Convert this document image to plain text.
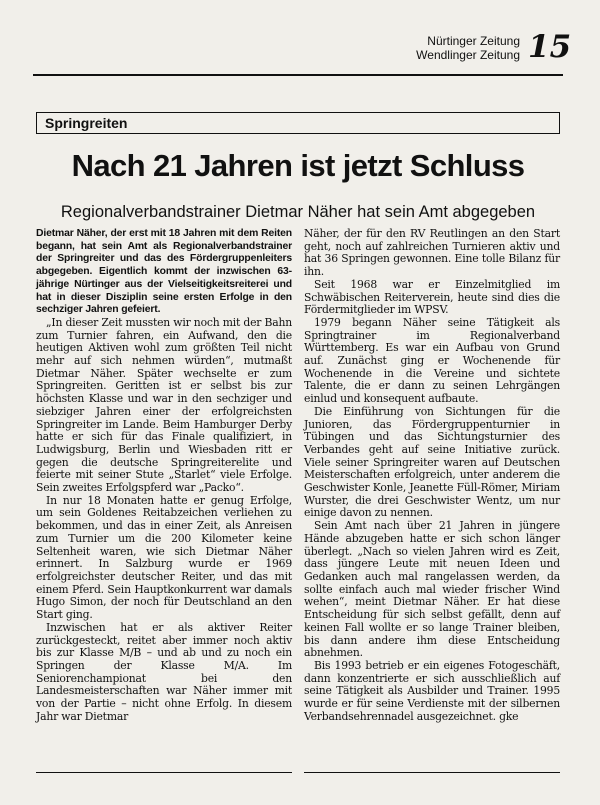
Nürtinger Zeitung
Wendlinger Zeitung 15
Springreiten
Nach 21 Jahren ist jetzt Schluss
Regionalverbandstrainer Dietmar Näher hat sein Amt abgegeben

Dietmar Näher, der erst mit 18 Jahren mit dem Reiten begann, hat sein Amt als Regionalverbandstrainer der Springreiter und das des Fördergruppenleiters abgegeben. Eigentlich kommt der inzwischen 63-jährige Nürtinger aus der Vielseitigkeitsreiterei und hat in dieser Disziplin seine ersten Erfolge in den sechziger Jahren gefeiert.

„In dieser Zeit mussten wir noch mit der Bahn zum Turnier fahren, ein Aufwand, den die heutigen Aktiven wohl zum größten Teil nicht mehr auf sich nehmen würden“, mutmaßt Dietmar Näher. Später wechselte er zum Springreiten. Geritten ist er selbst bis zur höchsten Klasse und war in den sechziger und siebziger Jahren einer der erfolgreichsten Springreiter im Lande. Beim Hamburger Derby hatte er sich für das Finale qualifiziert, in Ludwigsburg, Berlin und Wiesbaden ritt er gegen die deutsche Springreiterelite und feierte mit seiner Stute „Starlet“ viele Erfolge. Sein zweites Erfolgspferd war „Packo“.

In nur 18 Monaten hatte er genug Erfolge, um sein Goldenes Reitabzeichen verliehen zu bekommen, und das in einer Zeit, als Anreisen zum Turnier um die 200 Kilometer keine Seltenheit waren, wie sich Dietmar Näher erinnert. In Salzburg wurde er 1969 erfolgreichster deutscher Reiter, und das mit einem Pferd. Sein Hauptkonkurrent war damals Hugo Simon, der noch für Deutschland an den Start ging.

Inzwischen hat er als aktiver Reiter zurückgesteckt, reitet aber immer noch aktiv bis zur Klasse M/B – und ab und zu noch ein Springen der Klasse M/A. Im Seniorenchampionat bei den Landesmeisterschaften war Näher immer mit von der Partie – nicht ohne Erfolg. In diesem Jahr war Dietmar

Näher, der für den RV Reutlingen an den Start geht, noch auf zahlreichen Turnieren aktiv und hat 36 Springen gewonnen. Eine tolle Bilanz für ihn.

Seit 1968 war er Einzelmitglied im Schwäbischen Reiterverein, heute sind dies die Fördermitglieder im WPSV.

1979 begann Näher seine Tätigkeit als Springtrainer im Regionalverband Württemberg. Es war ein Aufbau von Grund auf. Zunächst ging er Wochenende für Wochenende in die Vereine und sichtete Talente, die er dann zu seinen Lehrgängen einlud und konsequent aufbaute.

Die Einführung von Sichtungen für die Junioren, das Fördergruppenturnier in Tübingen und das Sichtungsturnier des Verbandes geht auf seine Initiative zurück. Viele seiner Springreiter waren auf Deutschen Meisterschaften erfolgreich, unter anderem die Geschwister Konle, Jeanette Füll-Römer, Miriam Wurster, die drei Geschwister Wentz, um nur einige davon zu nennen.

Sein Amt nach über 21 Jahren in jüngere Hände abzugeben hatte er sich schon länger überlegt. „Nach so vielen Jahren wird es Zeit, dass jüngere Leute mit neuen Ideen und Gedanken auch mal rangelassen werden, da sollte einfach auch mal wieder frischer Wind wehen“, meint Dietmar Näher. Er hat diese Entscheidung für sich selbst gefällt, denn auf keinen Fall wollte er so lange Trainer bleiben, bis dann andere ihm diese Entscheidung abnehmen.

Bis 1993 betrieb er ein eigenes Fotogeschäft, dann konzentrierte er sich ausschließlich auf seine Tätigkeit als Ausbilder und Trainer. 1995 wurde er für seine Verdienste mit der silbernen Verbandsehrennadel ausgezeichnet. gke
